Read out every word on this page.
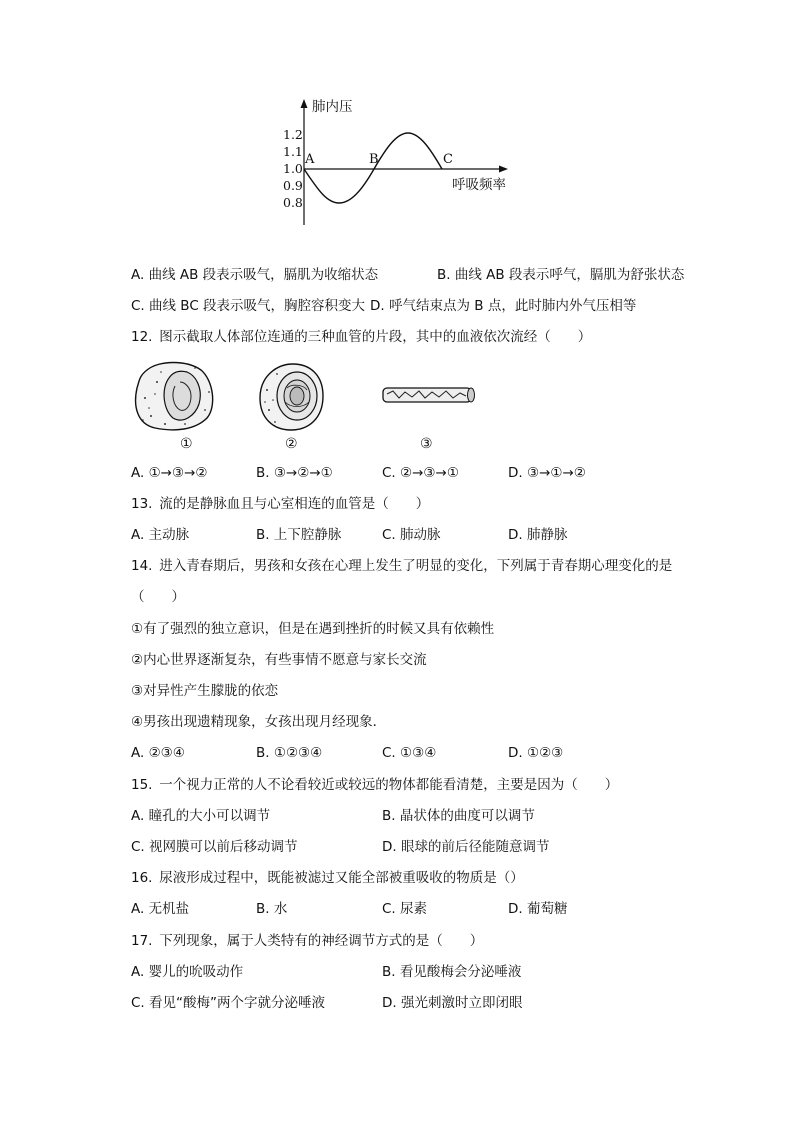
肺内压
呼吸频率
1.2
1.1
1.0
0.9
0.8
A	B	C
A. 曲线 AB 段表示吸气，膈肌为收缩状态	B. 曲线 AB 段表示呼气，膈肌为舒张状态
C. 曲线 BC 段表示吸气，胸腔容积变大 D. 呼气结束点为 B 点，此时肺内外气压相等
12. 图示截取人体部位连通的三种血管的片段，其中的血液依次流经（　　）
①	②	③
A. ①→③→②	B. ③→②→①	C. ②→③→①	D. ③→①→②
13. 流的是静脉血且与心室相连的血管是（　　）
A. 主动脉	B. 上下腔静脉	C. 肺动脉	D. 肺静脉
14. 进入青春期后，男孩和女孩在心理上发生了明显的变化，下列属于青春期心理变化的是
（　　）
①有了强烈的独立意识，但是在遇到挫折的时候又具有依赖性
②内心世界逐渐复杂，有些事情不愿意与家长交流
③对异性产生朦胧的依恋
④男孩出现遗精现象，女孩出现月经现象．
A. ②③④	B. ①②③④	C. ①③④	D. ①②③
15. 一个视力正常的人不论看较近或较远的物体都能看清楚，主要是因为（　　）
A. 瞳孔的大小可以调节	B. 晶状体的曲度可以调节
C. 视网膜可以前后移动调节	D. 眼球的前后径能随意调节
16. 尿液形成过程中，既能被滤过又能全部被重吸收的物质是（）
A. 无机盐	B. 水	C. 尿素	D. 葡萄糖
17. 下列现象，属于人类特有的神经调节方式的是（　　）
A. 婴儿的吮吸动作	B. 看见酸梅会分泌唾液
C. 看见“酸梅”两个字就分泌唾液	D. 强光刺激时立即闭眼
